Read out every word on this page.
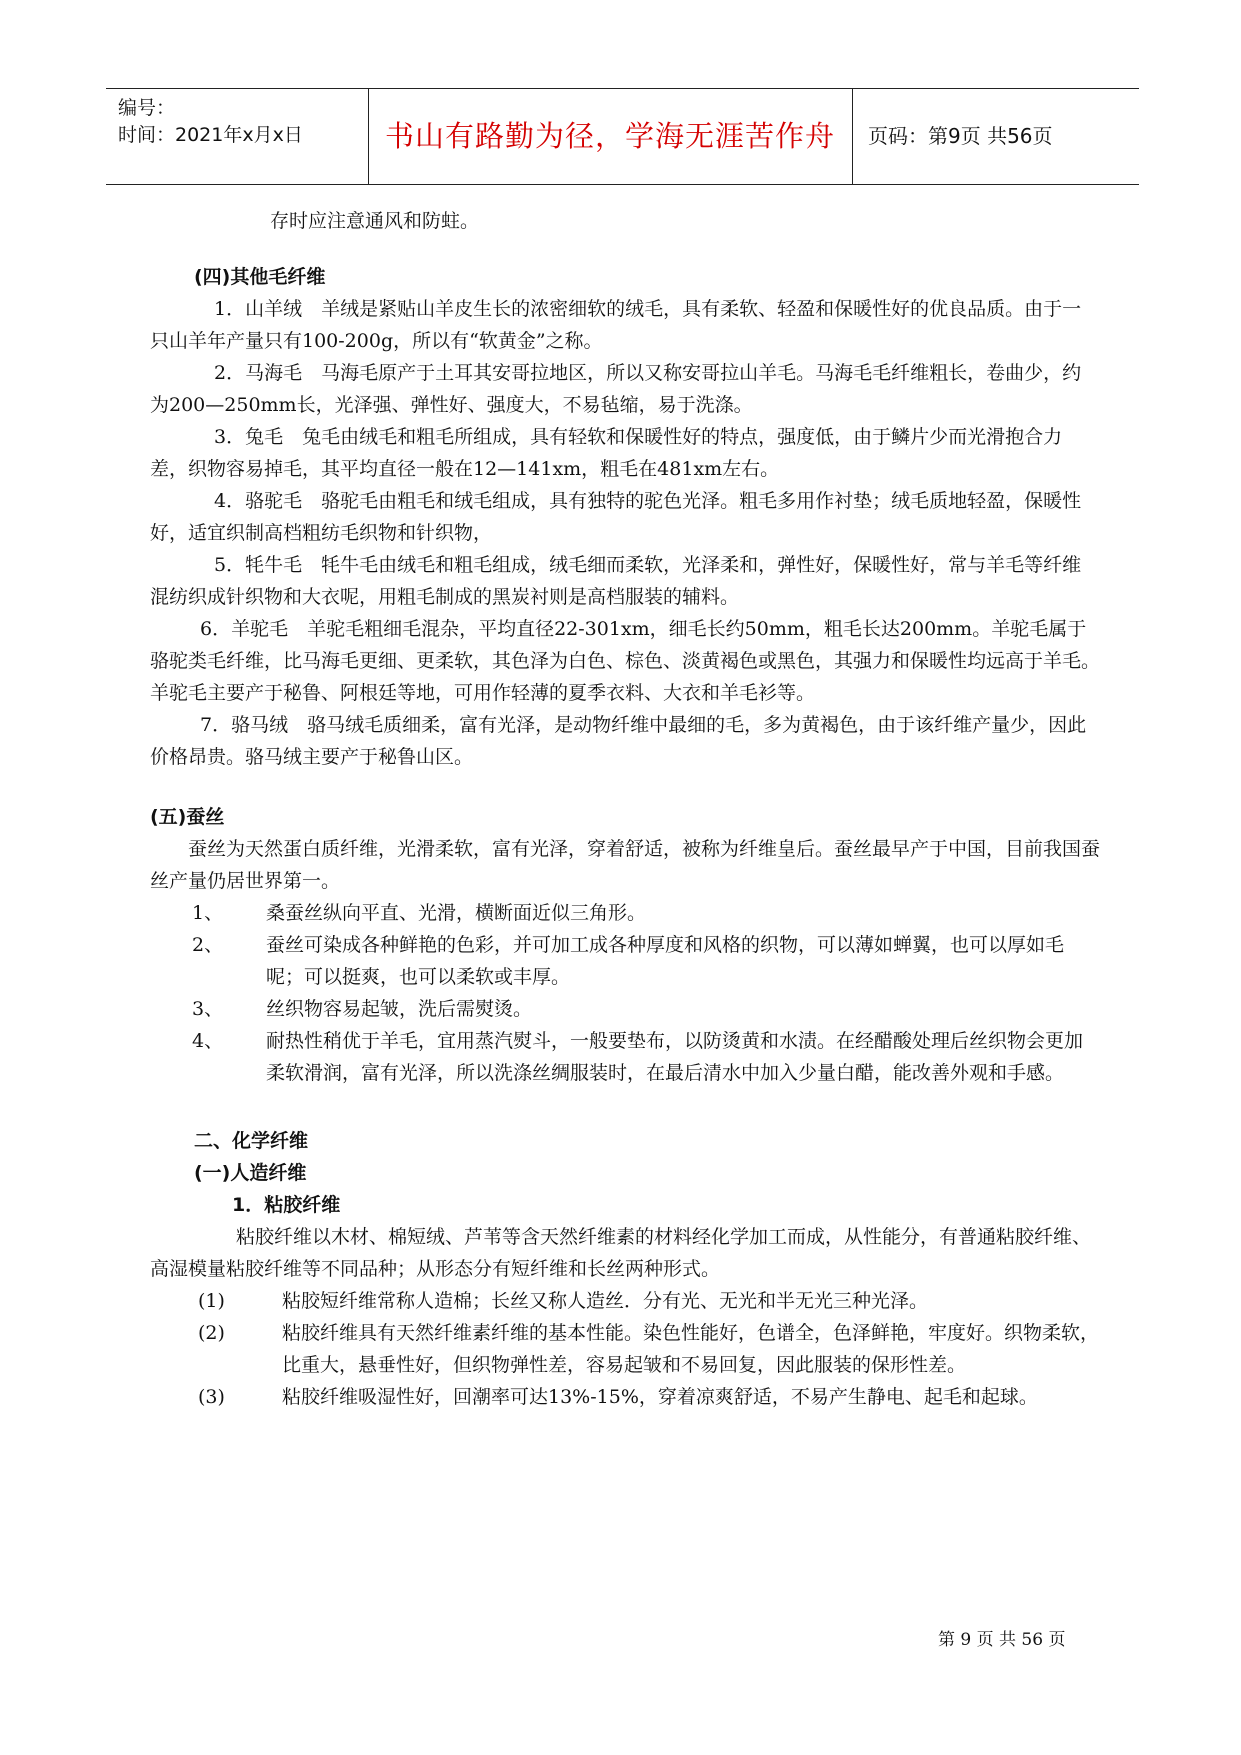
编号：
时间：2021年x月x日	书山有路勤为径，学海无涯苦作舟	页码：第9页 共56页

存时应注意通风和防蛀。

(四)其他毛纤维

1．山羊绒　羊绒是紧贴山羊皮生长的浓密细软的绒毛，具有柔软、轻盈和保暖性好的优良品质。由于一只山羊年产量只有100-200g，所以有“软黄金”之称。

2．马海毛　马海毛原产于土耳其安哥拉地区，所以又称安哥拉山羊毛。马海毛毛纤维粗长，卷曲少，约为200—250mm长，光泽强、弹性好、强度大，不易毡缩，易于洗涤。

3．兔毛　兔毛由绒毛和粗毛所组成，具有轻软和保暖性好的特点，强度低，由于鳞片少而光滑抱合力差，织物容易掉毛，其平均直径一般在12—141xm，粗毛在481xm左右。

4．骆驼毛　骆驼毛由粗毛和绒毛组成，具有独特的驼色光泽。粗毛多用作衬垫；绒毛质地轻盈，保暖性好，适宜织制高档粗纺毛织物和针织物，

5．牦牛毛　牦牛毛由绒毛和粗毛组成，绒毛细而柔软，光泽柔和，弹性好，保暖性好，常与羊毛等纤维混纺织成针织物和大衣呢，用粗毛制成的黑炭衬则是高档服装的辅料。

6．羊驼毛　羊驼毛粗细毛混杂，平均直径22-301xm，细毛长约50mm，粗毛长达200mm。羊驼毛属于骆驼类毛纤维，比马海毛更细、更柔软，其色泽为白色、棕色、淡黄褐色或黑色，其强力和保暖性均远高于羊毛。羊驼毛主要产于秘鲁、阿根廷等地，可用作轻薄的夏季衣料、大衣和羊毛衫等。

7．骆马绒　骆马绒毛质细柔，富有光泽，是动物纤维中最细的毛，多为黄褐色，由于该纤维产量少，因此价格昂贵。骆马绒主要产于秘鲁山区。

(五)蚕丝

蚕丝为天然蛋白质纤维，光滑柔软，富有光泽，穿着舒适，被称为纤维皇后。蚕丝最早产于中国，目前我国蚕丝产量仍居世界第一。

1、	桑蚕丝纵向平直、光滑，横断面近似三角形。
2、	蚕丝可染成各种鲜艳的色彩，并可加工成各种厚度和风格的织物，可以薄如蝉翼，也可以厚如毛呢；可以挺爽，也可以柔软或丰厚。
3、	丝织物容易起皱，洗后需熨烫。
4、	耐热性稍优于羊毛，宜用蒸汽熨斗，一般要垫布，以防烫黄和水渍。在经醋酸处理后丝织物会更加柔软滑润，富有光泽，所以洗涤丝绸服装时，在最后清水中加入少量白醋，能改善外观和手感。

二、化学纤维

(一)人造纤维

1．粘胶纤维

粘胶纤维以木材、棉短绒、芦苇等含天然纤维素的材料经化学加工而成，从性能分，有普通粘胶纤维、高湿模量粘胶纤维等不同品种；从形态分有短纤维和长丝两种形式。

(1)	粘胶短纤维常称人造棉；长丝又称人造丝．分有光、无光和半无光三种光泽。
(2)	粘胶纤维具有天然纤维素纤维的基本性能。染色性能好，色谱全，色泽鲜艳，牢度好。织物柔软，比重大，悬垂性好，但织物弹性差，容易起皱和不易回复，因此服装的保形性差。
(3)	粘胶纤维吸湿性好，回潮率可达13%-15%，穿着凉爽舒适，不易产生静电、起毛和起球。
第 9 页 共 56 页
